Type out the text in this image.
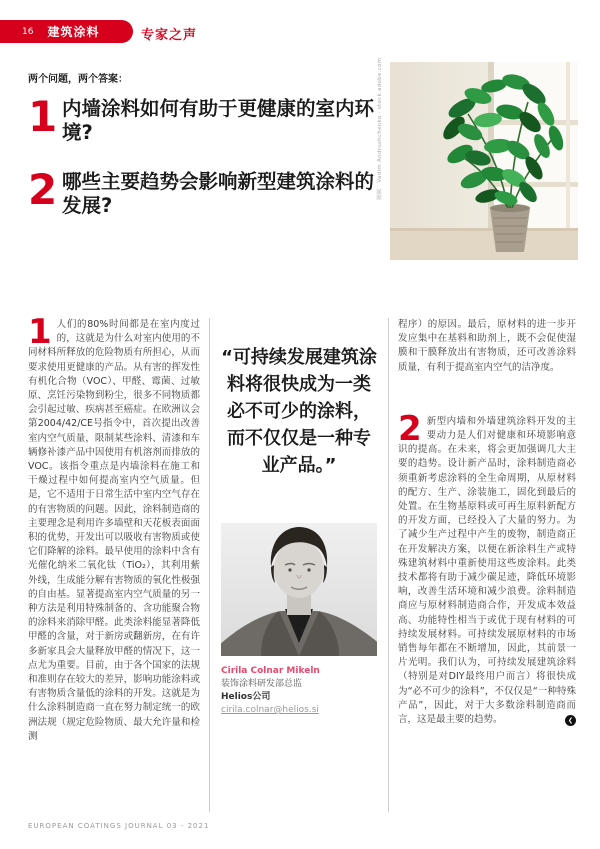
16 建筑涂料	专家之声
两个问题，两个答案：
1 内墙涂料如何有助于更健康的室内环境?
2 哪些主要趋势会影响新型建筑涂料的发展?
图源：Vadim Andrushchenko - stock.adobe.com

1 人们的80%时间都是在室内度过的，这就是为什么对室内使用的不同材料所释放的危险物质有所担心，从而要求使用更健康的产品。从有害的挥发性有机化合物（VOC）、甲醛、霉菌、过敏原、烹饪污染物到粉尘，很多不同物质都会引起过敏、疾病甚至癌症。在欧洲议会第2004/42/CE号指令中，首次提出改善室内空气质量，限制某些涂料、清漆和车辆修补漆产品中因使用有机溶剂而排放的VOC。该指令重点是内墙涂料在施工和干燥过程中如何提高室内空气质量。但是，它不适用于日常生活中室内空气存在的有害物质的问题。因此，涂料制造商的主要理念是利用许多墙壁和天花板表面面积的优势，开发出可以吸收有害物质或使它们降解的涂料。最早使用的涂料中含有光催化纳米二氧化钛（TiO₂），其利用紫外线，生成能分解有害物质的氧化性极强的自由基。显著提高室内空气质量的另一种方法是利用特殊制备的、含功能聚合物的涂料来消除甲醛。此类涂料能显著降低甲醛的含量，对于新房或翻新房，在有许多新家具会大量释放甲醛的情况下，这一点尤为重要。目前，由于各个国家的法规和准则存在较大的差异，影响功能涂料或有害物质含量低的涂料的开发。这就是为什么涂料制造商一直在努力制定统一的欧洲法规（规定危险物质、最大允许量和检测

“可持续发展建筑涂料将很快成为一类必不可少的涂料，而不仅仅是一种专业产品。”
Cirila Colnar Mikeln
装饰涂料研发部总监
Helios公司
cirila.colnar@helios.si

程序）的原因。最后，原材料的进一步开发应集中在基料和助剂上，既不会促使湿膜和干膜释放出有害物质，还可改善涂料质量，有利于提高室内空气的洁净度。

2 新型内墙和外墙建筑涂料开发的主要动力是人们对健康和环境影响意识的提高。在未来，将会更加强调几大主要的趋势。设计新产品时，涂料制造商必须重新考虑涂料的全生命周期，从原材料的配方、生产、涂装施工，固化到最后的处置。在生物基原料或可再生原料新配方的开发方面，已经投入了大量的努力。为了减少生产过程中产生的废物，制造商正在开发解决方案，以便在新涂料生产或特殊建筑材料中重新使用这些废涂料。此类技术都将有助于减少碳足迹，降低环境影响，改善生活环境和减少浪费。涂料制造商应与原材料制造商合作，开发成本效益高、功能特性相当于或优于现有材料的可持续发展材料。可持续发展原材料的市场销售每年都在不断增加，因此，其前景一片光明。我们认为，可持续发展建筑涂料（特别是对DIY最终用户而言）将很快成为“必不可少的涂料”，不仅仅是“一种特殊产品”，因此，对于大多数涂料制造商而言，这是最主要的趋势。	❮

EUROPEAN COATINGS JOURNAL 03 - 2021
